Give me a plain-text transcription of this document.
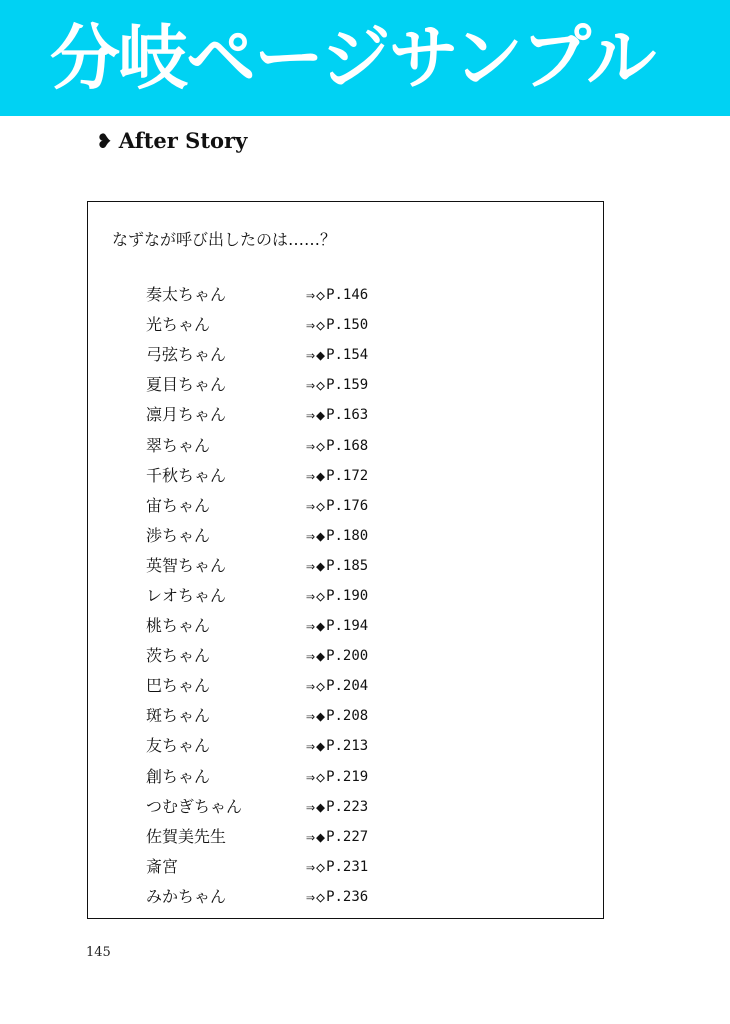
分岐ページサンプル
❥ After Story
なずなが呼び出したのは……？
奏太ちゃん	⇒ ◇ P.146
光ちゃん	⇒ ◇ P.150
弓弦ちゃん	⇒ ◆ P.154
夏目ちゃん	⇒ ◇ P.159
凛月ちゃん	⇒ ◆ P.163
翠ちゃん	⇒ ◇ P.168
千秋ちゃん	⇒ ◆ P.172
宙ちゃん	⇒ ◇ P.176
渉ちゃん	⇒ ◆ P.180
英智ちゃん	⇒ ◆ P.185
レオちゃん	⇒ ◇ P.190
桃ちゃん	⇒ ◆ P.194
茨ちゃん	⇒ ◆ P.200
巴ちゃん	⇒ ◇ P.204
斑ちゃん	⇒ ◆ P.208
友ちゃん	⇒ ◆ P.213
創ちゃん	⇒ ◇ P.219
つむぎちゃん	⇒ ◆ P.223
佐賀美先生	⇒ ◆ P.227
斎宮	⇒ ◇ P.231
みかちゃん	⇒ ◇ P.236
145
